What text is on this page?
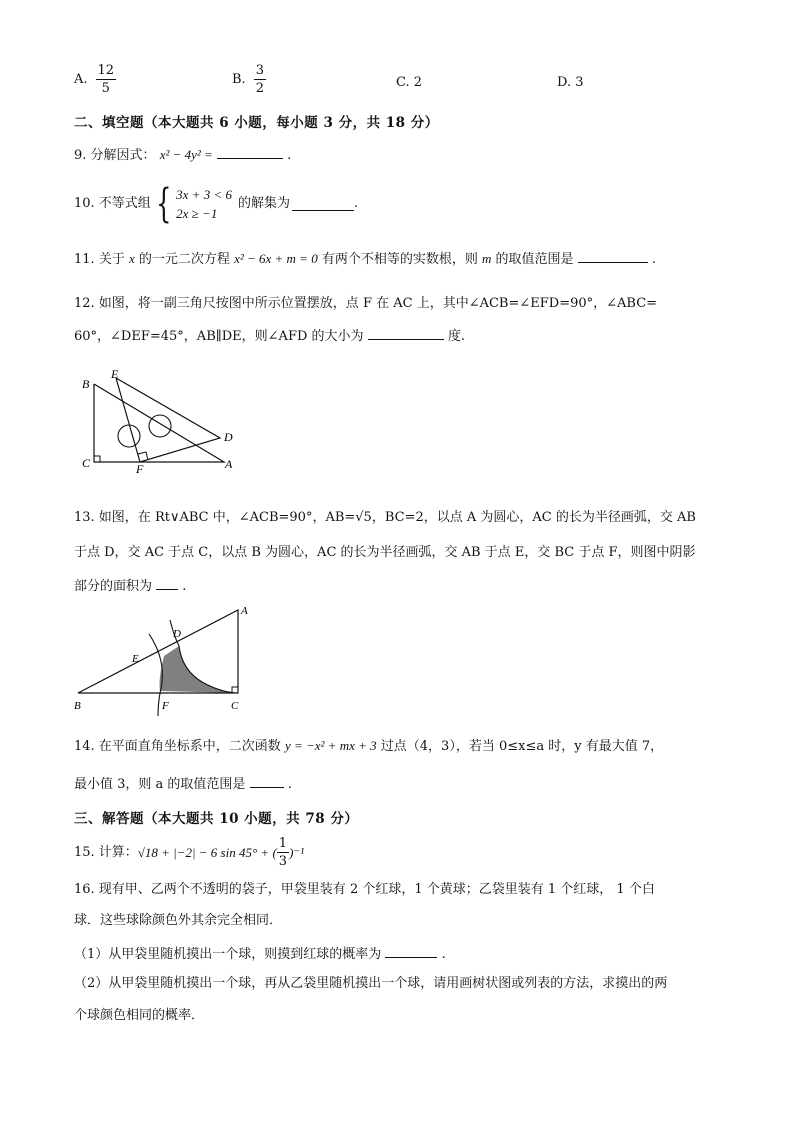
A. $\frac{12}{5}$	B. $\frac{3}{2}$	C. 2	D. 3
二、填空题（本大题共 6 小题，每小题 3 分，共 18 分）
9. 分解因式： x² − 4y² =	.
10. 不等式组 { 3x + 3 < 6
2x ≥ −1
的解集为	.
11. 关于 x 的一元二次方程 x² − 6x + m = 0 有两个不相等的实数根，则 m 的取值范围是	.
12. 如图，将一副三角尺按图中所示位置摆放，点 F 在 AC 上，其中∠ACB=∠EFD=90°，∠ABC=
60°，∠DEF=45°，AB∥DE，则∠AFD 的大小为	度.
B
E
D
C	F	A
13. 如图，在 Rt∨ABC 中，∠ACB=90°，AB=√5，BC=2，以点 A 为圆心，AC 的长为半径画弧，交 AB
于点 D，交 AC 于点 C，以点 B 为圆心，AC 的长为半径画弧，交 AB 于点 E，交 BC 于点 F，则图中阴影
部分的面积为 .
A
D
E
B	F	C
14. 在平面直角坐标系中，二次函数 y = −x² + mx + 3 过点（4，3），若当 0≤x≤a 时，y 有最大值 7，
最小值 3，则 a 的取值范围是	.
三、解答题（本大题共 10 小题，共 78 分）
15. 计算： √18 + |−2| − 6 sin 45° + ( $\frac{1}{3} )^{-1}$
16. 现有甲、乙两个不透明的袋子，甲袋里装有 2 个红球，1 个黄球；乙袋里装有 1 个红球， 1 个白
球．这些球除颜色外其余完全相同．
（1）从甲袋里随机摸出一个球，则摸到红球的概率为	.
（2）从甲袋里随机摸出一个球，再从乙袋里随机摸出一个球，请用画树状图或列表的方法，求摸出的两
个球颜色相同的概率．
